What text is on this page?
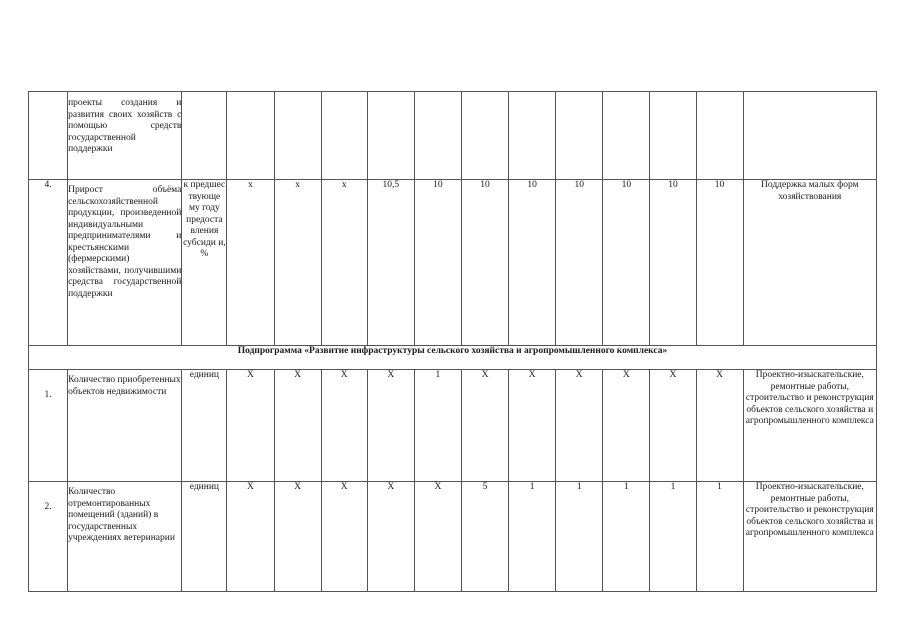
	проекты создания и развития своих хозяйств с помощью средств государственной поддержки													
4.	Прирост объёма сельскохозяйственной продукции, произведенной индивидуальными предпринимателями и крестьянскими (фермерскими) хозяйствами, получившими средства государственной поддержки	к предшес твующе му году предоста вления субсиди и, %	х	х	х	10,5	10	10	10	10	10	10	10	Поддержка малых форм хозяйствования
Подпрограмма «Развитие инфраструктуры сельского хозяйства и агропромышленного комплекса»														
1.	Количество приобретенных объектов недвижимости	единиц	Х	Х	Х	Х	1	Х	Х	Х	Х	Х	Х	Проектно-изыскательские, ремонтные работы, строительство и реконструкция объектов сельского хозяйства и агропромышленного комплекса
2.	Количество отремонтированных помещений (зданий) в государственных учреждениях ветеринарии	единиц	Х	Х	Х	Х	Х	5	1	1	1	1	1	Проектно-изыскательские, ремонтные работы, строительство и реконструкция объектов сельского хозяйства и агропромышленного комплекса
